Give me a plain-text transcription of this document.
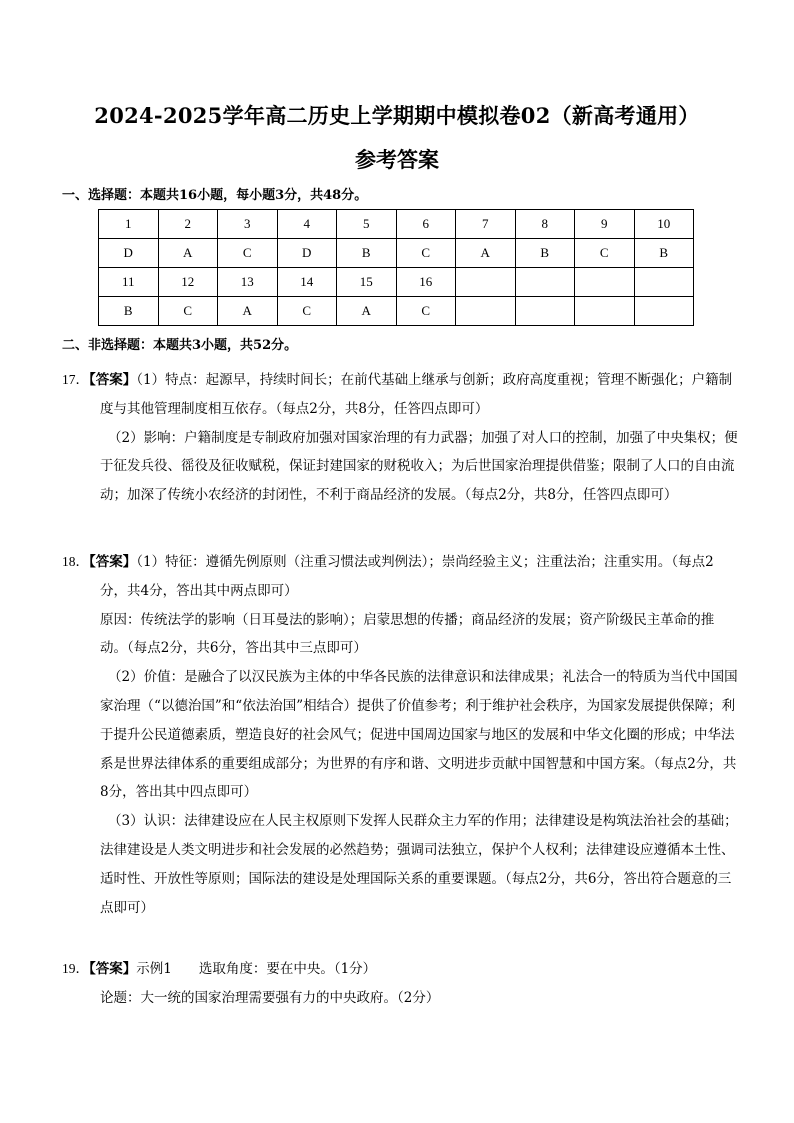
2024-2025学年高二历史上学期期中模拟卷02（新高考通用）
参考答案
一、选择题：本题共16小题，每小题3分，共48分。
1	2	3	4	5	6	7	8	9	10
D	A	C	D	B	C	A	B	C	B
11	12	13	14	15	16				
B	C	A	C	A	C				
二、非选择题：本题共3小题，共52分。

17．【答案】（1）特点：起源早，持续时间长；在前代基础上继承与创新；政府高度重视；管理不断强化；户籍制度与其他管理制度相互依存。（每点2分，共8分，任答四点即可）

（2）影响：户籍制度是专制政府加强对国家治理的有力武器；加强了对人口的控制，加强了中央集权；便于征发兵役、徭役及征收赋税，保证封建国家的财税收入；为后世国家治理提供借鉴；限制了人口的自由流动；加深了传统小农经济的封闭性，不利于商品经济的发展。（每点2分，共8分，任答四点即可）

18．【答案】（1）特征：遵循先例原则（注重习惯法或判例法）；崇尚经验主义；注重法治；注重实用。（每点2分，共4分，答出其中两点即可）

原因：传统法学的影响（日耳曼法的影响）；启蒙思想的传播；商品经济的发展；资产阶级民主革命的推动。（每点2分，共6分，答出其中三点即可）

（2）价值：是融合了以汉民族为主体的中华各民族的法律意识和法律成果；礼法合一的特质为当代中国国家治理（“以德治国”和“依法治国”相结合）提供了价值参考；利于维护社会秩序，为国家发展提供保障；利于提升公民道德素质，塑造良好的社会风气；促进中国周边国家与地区的发展和中华文化圈的形成；中华法系是世界法律体系的重要组成部分；为世界的有序和谐、文明进步贡献中国智慧和中国方案。（每点2分，共8分，答出其中四点即可）

（3）认识：法律建设应在人民主权原则下发挥人民群众主力军的作用；法律建设是构筑法治社会的基础；法律建设是人类文明进步和社会发展的必然趋势；强调司法独立，保护个人权利；法律建设应遵循本土性、适时性、开放性等原则；国际法的建设是处理国际关系的重要课题。（每点2分，共6分，答出符合题意的三点即可）

19．【答案】示例1　　选取角度：要在中央。（1分）

论题：大一统的国家治理需要强有力的中央政府。（2分）
